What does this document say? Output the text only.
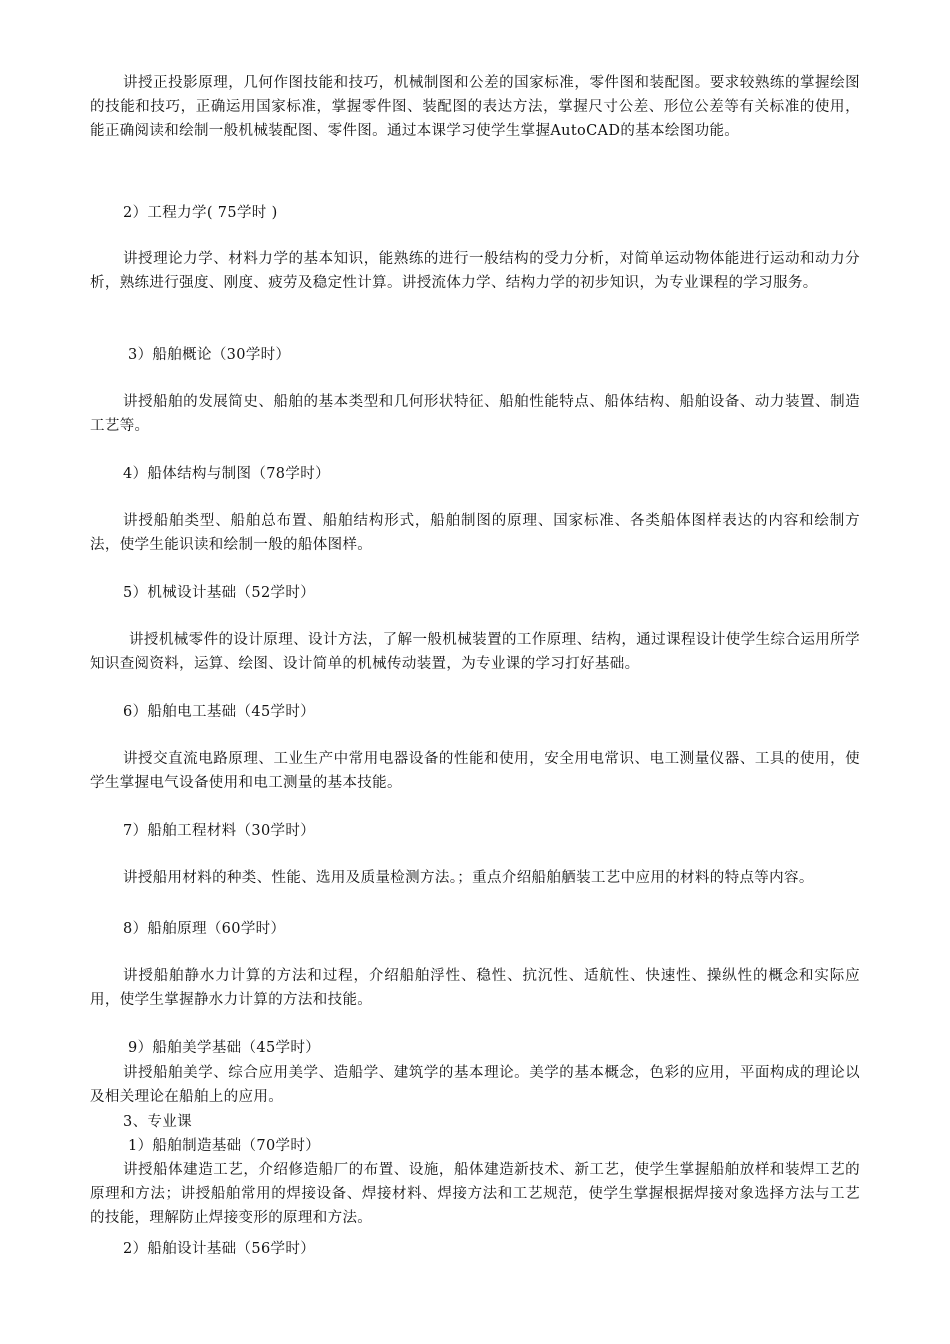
讲授正投影原理，几何作图技能和技巧，机械制图和公差的国家标准，零件图和装配图。要求较熟练的掌握绘图的技能和技巧，正确运用国家标准，掌握零件图、装配图的表达方法，掌握尺寸公差、形位公差等有关标准的使用，能正确阅读和绘制一般机械装配图、零件图。通过本课学习使学生掌握AutoCAD的基本绘图功能。

2）工程力学( 75学时 )

讲授理论力学、材料力学的基本知识，能熟练的进行一般结构的受力分析，对简单运动物体能进行运动和动力分析，熟练进行强度、刚度、疲劳及稳定性计算。讲授流体力学、结构力学的初步知识，为专业课程的学习服务。

3）船舶概论（30学时）

讲授船舶的发展简史、船舶的基本类型和几何形状特征、船舶性能特点、船体结构、船舶设备、动力装置、制造工艺等。

4）船体结构与制图（78学时）

讲授船舶类型、船舶总布置、船舶结构形式，船舶制图的原理、国家标准、各类船体图样表达的内容和绘制方法，使学生能识读和绘制一般的船体图样。

5）机械设计基础（52学时）

讲授机械零件的设计原理、设计方法，了解一般机械装置的工作原理、结构，通过课程设计使学生综合运用所学知识查阅资料，运算、绘图、设计简单的机械传动装置，为专业课的学习打好基础。

6）船舶电工基础（45学时）

讲授交直流电路原理、工业生产中常用电器设备的性能和使用，安全用电常识、电工测量仪器、工具的使用，使学生掌握电气设备使用和电工测量的基本技能。

7）船舶工程材料（30学时）

讲授船用材料的种类、性能、选用及质量检测方法。；重点介绍船舶舾装工艺中应用的材料的特点等内容。

8）船舶原理（60学时）

讲授船舶静水力计算的方法和过程，介绍船舶浮性、稳性、抗沉性、适航性、快速性、操纵性的概念和实际应用，使学生掌握静水力计算的方法和技能。

9）船舶美学基础（45学时）

讲授船舶美学、综合应用美学、造船学、建筑学的基本理论。美学的基本概念，色彩的应用，平面构成的理论以及相关理论在船舶上的应用。

3、专业课
1）船舶制造基础（70学时）

讲授船体建造工艺，介绍修造船厂的布置、设施，船体建造新技术、新工艺，使学生掌握船舶放样和装焊工艺的原理和方法；讲授船舶常用的焊接设备、焊接材料、焊接方法和工艺规范，使学生掌握根据焊接对象选择方法与工艺的技能，理解防止焊接变形的原理和方法。

2）船舶设计基础（56学时）
